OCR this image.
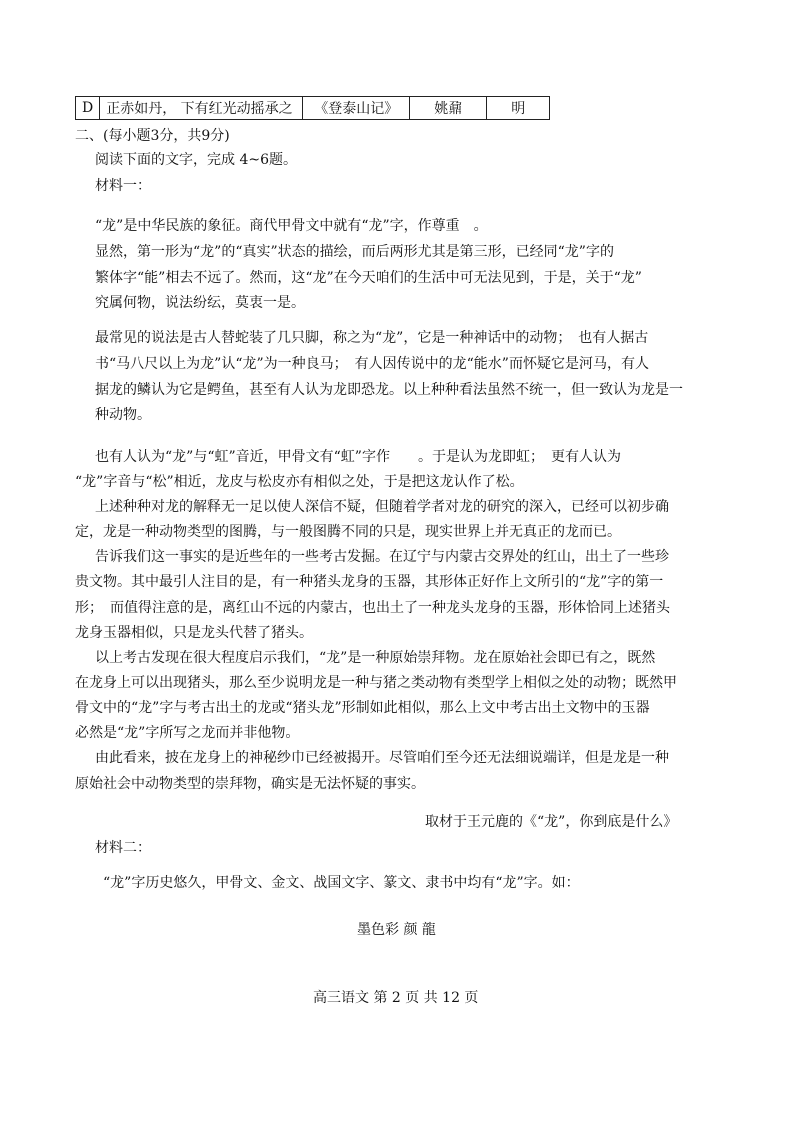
D	正赤如丹， 下有红光动摇承之	《登泰山记》	姚鼐	明
二、(每小题3分，共9分)
阅读下面的文字，完成 4~6题。
材料一：
“龙”是中华民族的象征。商代甲骨文中就有“龙”字，作尊重　。
显然，第一形为“龙”的“真实”状态的描绘，而后两形尤其是第三形，已经同“龙”字的
繁体字“能”相去不远了。然而，这“龙”在今天咱们的生活中可无法见到，于是，关于“龙”
究属何物，说法纷纭，莫衷一是。
最常见的说法是古人替蛇装了几只脚，称之为“龙”，它是一种神话中的动物；　也有人据古
书“马八尺以上为龙”认“龙”为一种良马；　有人因传说中的龙“能水”而怀疑它是河马，有人
据龙的鳞认为它是鳄鱼，甚至有人认为龙即恐龙。以上种种看法虽然不统一，但一致认为龙是一
种动物。
也有人认为“龙”与“虹”音近，甲骨文有“虹”字作　　。于是认为龙即虹；　更有人认为
“龙”字音与“松”相近，龙皮与松皮亦有相似之处，于是把这龙认作了松。
上述种种对龙的解释无一足以使人深信不疑，但随着学者对龙的研究的深入，已经可以初步确
定，龙是一种动物类型的图腾，与一般图腾不同的只是，现实世界上并无真正的龙而已。
告诉我们这一事实的是近些年的一些考古发掘。在辽宁与内蒙古交界处的红山，出土了一些珍
贵文物。其中最引人注目的是，有一种猪头龙身的玉器，其形体正好作上文所引的“龙”字的第一
形；　而值得注意的是，离红山不远的内蒙古，也出土了一种龙头龙身的玉器，形体恰同上述猪头
龙身玉器相似，只是龙头代替了猪头。
以上考古发现在很大程度启示我们，“龙”是一种原始崇拜物。龙在原始社会即已有之，既然
在龙身上可以出现猪头，那么至少说明龙是一种与猪之类动物有类型学上相似之处的动物；既然甲
骨文中的“龙”字与考古出土的龙或“猪头龙”形制如此相似，那么上文中考古出土文物中的玉器
必然是“龙”字所写之龙而并非他物。
由此看来，披在龙身上的神秘纱巾已经被揭开。尽管咱们至今还无法细说端详，但是龙是一种
原始社会中动物类型的崇拜物，确实是无法怀疑的事实。
取材于王元鹿的《“龙”，你到底是什么》
材料二：
“龙”字历史悠久，甲骨文、金文、战国文字、篆文、隶书中均有“龙”字。如：
墨色彩 颜 龍
高三语文 第 2 页 共 12 页
